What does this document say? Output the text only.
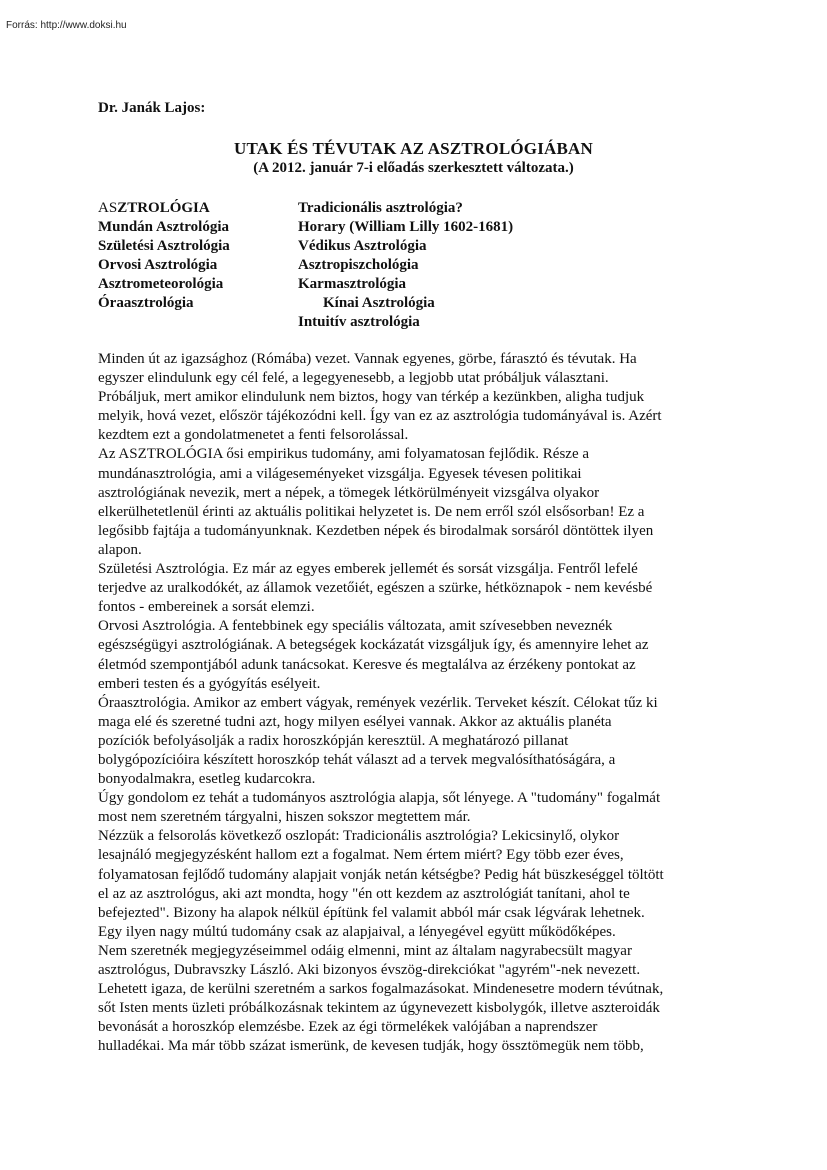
Forrás: http://www.doksi.hu
Dr. Janák Lajos:
UTAK ÉS TÉVUTAK AZ ASZTROLÓGIÁBAN
(A 2012. január 7-i előadás szerkesztett változata.)
ASZTROLÓGIA
Mundán Asztrológia
Születési Asztrológia
Orvosi Asztrológia
Asztrometeorológia
Óraasztrológia
Tradicionális asztrológia?
Horary (William Lilly 1602-1681)
Védikus Asztrológia
Asztropiszchológia
Karmasztrológia
Kínai Asztrológia
Intuitív asztrológia

Minden út az igazsághoz (Rómába) vezet. Vannak egyenes, görbe, fárasztó és tévutak. Ha

egyszer elindulunk egy cél felé, a legegyenesebb, a legjobb utat próbáljuk választani.

Próbáljuk, mert amikor elindulunk nem biztos, hogy van térkép a kezünkben, aligha tudjuk

melyik, hová vezet, először tájékozódni kell. Így van ez az asztrológia tudományával is. Azért

kezdtem ezt a gondolatmenetet a fenti felsorolással.

Az ASZTROLÓGIA ősi empirikus tudomány, ami folyamatosan fejlődik. Része a

mundánasztrológia, ami a világeseményeket vizsgálja. Egyesek tévesen politikai

asztrológiának nevezik, mert a népek, a tömegek létkörülményeit vizsgálva olyakor

elkerülhetetlenül érinti az aktuális politikai helyzetet is. De nem erről szól elsősorban! Ez a

legősibb fajtája a tudományunknak. Kezdetben népek és birodalmak sorsáról döntöttek ilyen

alapon.

Születési Asztrológia. Ez már az egyes emberek jellemét és sorsát vizsgálja. Fentről lefelé

terjedve az uralkodókét, az államok vezetőiét, egészen a szürke, hétköznapok - nem kevésbé

fontos - embereinek a sorsát elemzi.

Orvosi Asztrológia. A fentebbinek egy speciális változata, amit szívesebben neveznék

egészségügyi asztrológiának. A betegségek kockázatát vizsgáljuk így, és amennyire lehet az

életmód szempontjából adunk tanácsokat. Keresve és megtalálva az érzékeny pontokat az

emberi testen és a gyógyítás esélyeit.

Óraasztrológia. Amikor az embert vágyak, remények vezérlik. Terveket készít. Célokat tűz ki

maga elé és szeretné tudni azt, hogy milyen esélyei vannak. Akkor az aktuális planéta

pozíciók befolyásolják a radix horoszkópján keresztül. A meghatározó pillanat

bolygópozícióira készített horoszkóp tehát választ ad a tervek megvalósíthatóságára, a

bonyodalmakra, esetleg kudarcokra.

Úgy gondolom ez tehát a tudományos asztrológia alapja, sőt lényege. A "tudomány" fogalmát

most nem szeretném tárgyalni, hiszen sokszor megtettem már.

Nézzük a felsorolás következő oszlopát: Tradicionális asztrológia? Lekicsinylő, olykor

lesajnáló megjegyzésként hallom ezt a fogalmat. Nem értem miért? Egy több ezer éves,

folyamatosan fejlődő tudomány alapjait vonják netán kétségbe? Pedig hát büszkeséggel töltött

el az az asztrológus, aki azt mondta, hogy "én ott kezdem az asztrológiát tanítani, ahol te

befejezted". Bizony ha alapok nélkül építünk fel valamit abból már csak légvárak lehetnek.

Egy ilyen nagy múltú tudomány csak az alapjaival, a lényegével együtt működőképes.

Nem szeretnék megjegyzéseimmel odáig elmenni, mint az általam nagyrabecsült magyar

asztrológus, Dubravszky László. Aki bizonyos évszög-direkciókat "agyrém"-nek nevezett.

Lehetett igaza, de kerülni szeretném a sarkos fogalmazásokat. Mindenesetre modern tévútnak,

sőt Isten ments üzleti próbálkozásnak tekintem az úgynevezett kisbolygók, illetve aszteroidák

bevonását a horoszkóp elemzésbe. Ezek az égi törmelékek valójában a naprendszer

hulladékai. Ma már több százat ismerünk, de kevesen tudják, hogy össztömegük nem több,
